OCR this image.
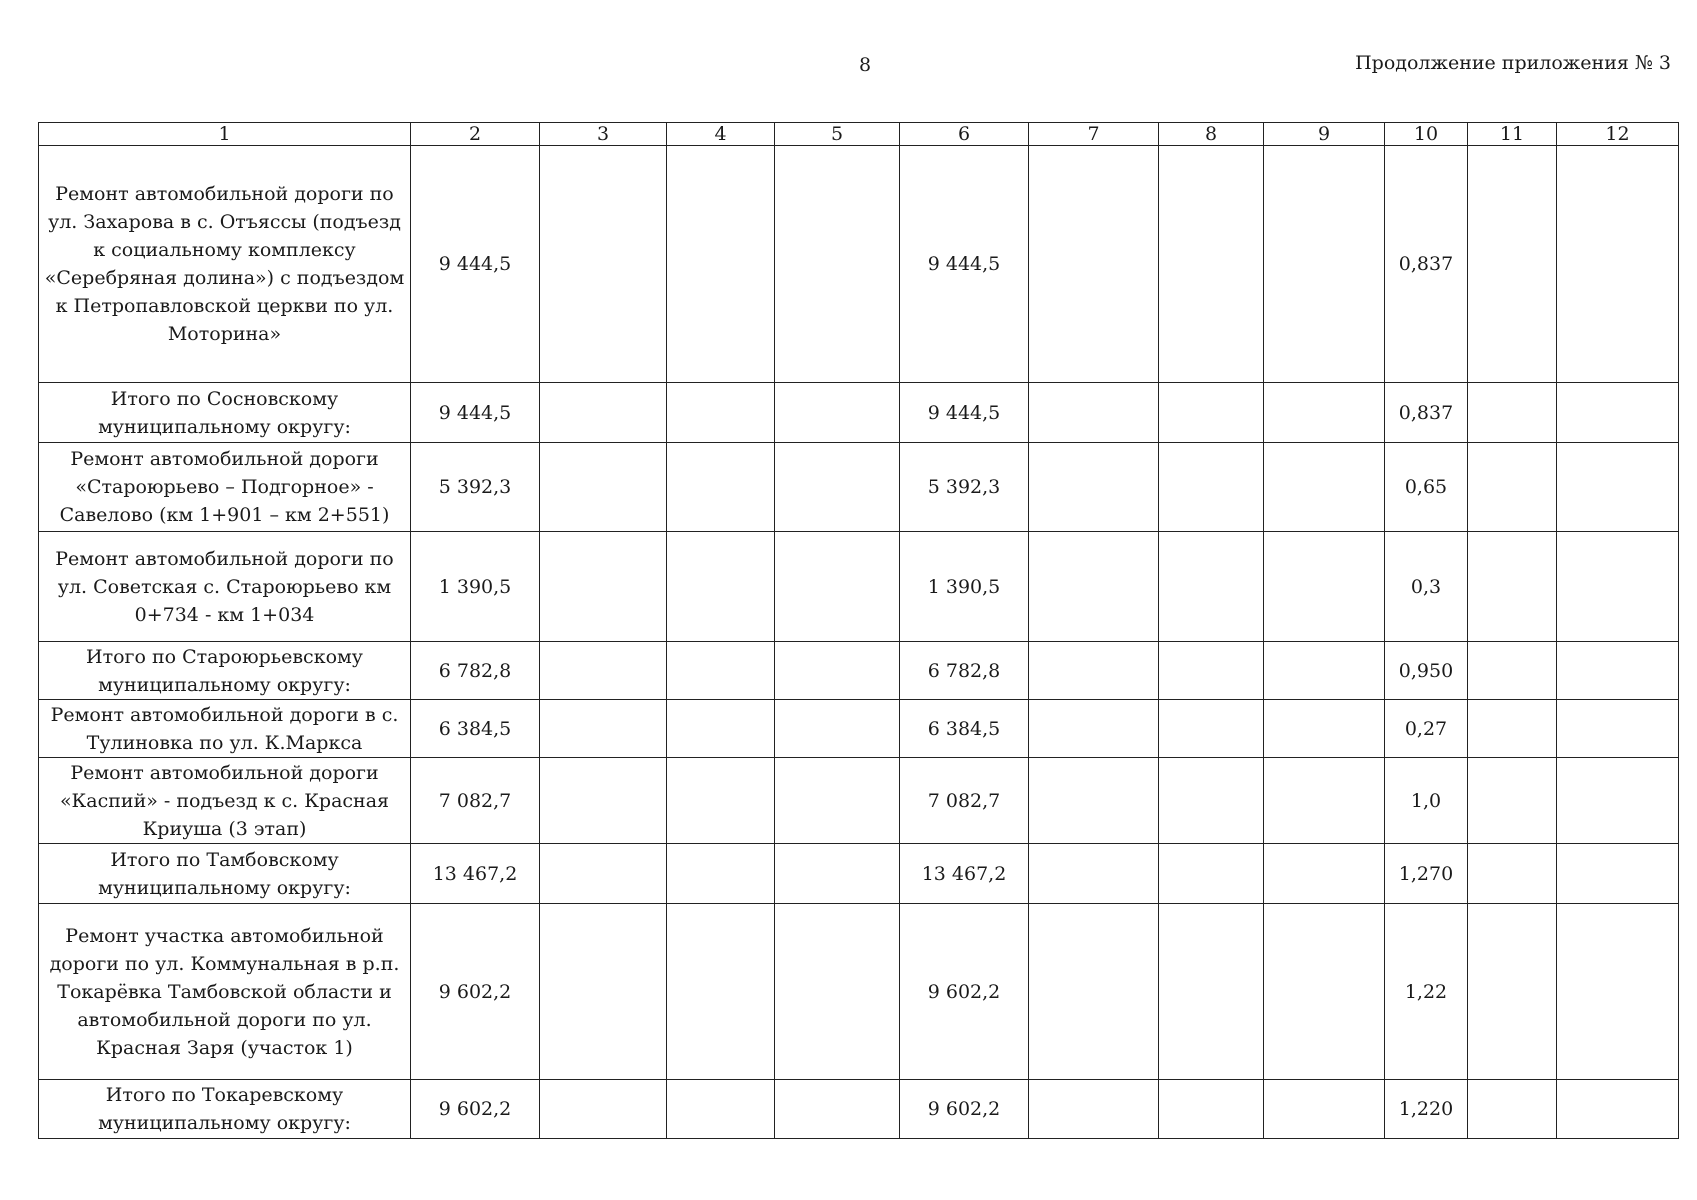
8	Продолжение приложения № 3
1	2	3	4	5	6	7	8	9	10	11	12
Ремонт автомобильной дороги по ул. Захарова в с. Отъяссы (подъезд к социальному комплексу «Серебряная долина») с подъездом к Петропавловской церкви по ул. Моторина»	9 444,5				9 444,5				0,837		
Итого по Сосновскому муниципальному округу:	9 444,5				9 444,5				0,837		
Ремонт автомобильной дороги «Староюрьево – Подгорное» - Савелово (км 1+901 – км 2+551)	5 392,3				5 392,3				0,65		
Ремонт автомобильной дороги по ул. Советская с. Староюрьево км 0+734 - км 1+034	1 390,5				1 390,5				0,3		
Итого по Староюрьевскому муниципальному округу:	6 782,8				6 782,8				0,950		
Ремонт автомобильной дороги в с. Тулиновка по ул. К.Маркса	6 384,5				6 384,5				0,27		
Ремонт автомобильной дороги «Каспий» - подъезд к с. Красная Криуша (3 этап)	7 082,7				7 082,7				1,0		
Итого по Тамбовскому муниципальному округу:	13 467,2				13 467,2				1,270		
Ремонт участка автомобильной дороги по ул. Коммунальная в р.п. Токарёвка Тамбовской области и автомобильной дороги по ул. Красная Заря (участок 1)	9 602,2				9 602,2				1,22		
Итого по Токаревскому муниципальному округу:	9 602,2				9 602,2				1,220		
